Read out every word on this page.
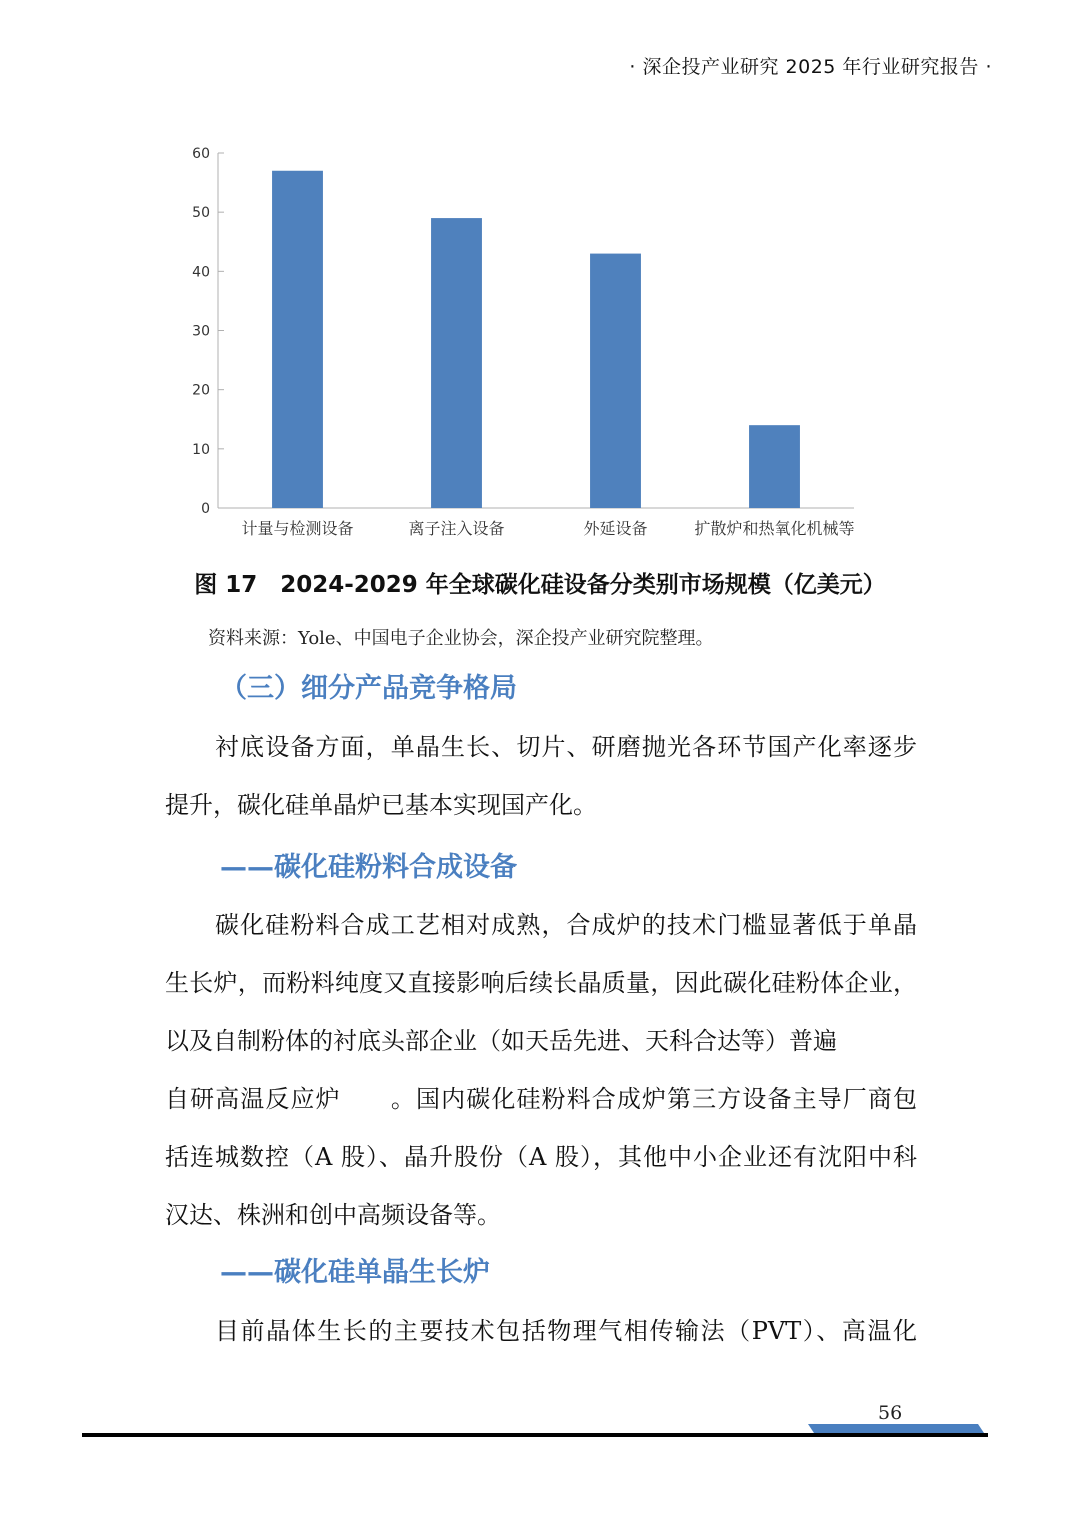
· 深企投产业研究 2025 年行业研究报告 ·
0
10
20
30
40
50
60
计量与检测设备	离子注入设备	外延设备	扩散炉和热氧化机械等
图 17　2024-2029 年全球碳化硅设备分类别市场规模（亿美元）
资料来源：Yole、中国电子企业协会，深企投产业研究院整理。
（三）细分产品竞争格局
衬底设备方面，单晶生长、切片、研磨抛光各环节国产化率逐步
提升，碳化硅单晶炉已基本实现国产化。
——碳化硅粉料合成设备
碳化硅粉料合成工艺相对成熟，合成炉的技术门槛显著低于单晶
生长炉，而粉料纯度又直接影响后续长晶质量，因此碳化硅粉体企业，
以及自制粉体的衬底头部企业（如天岳先进、天科合达等）普遍
自研高温反应炉　　。国内碳化硅粉料合成炉第三方设备主导厂商包
括连城数控（A 股）、晶升股份（A 股），其他中小企业还有沈阳中科
汉达、株洲和创中高频设备等。
——碳化硅单晶生长炉
目前晶体生长的主要技术包括物理气相传输法（PVT）、高温化
56
